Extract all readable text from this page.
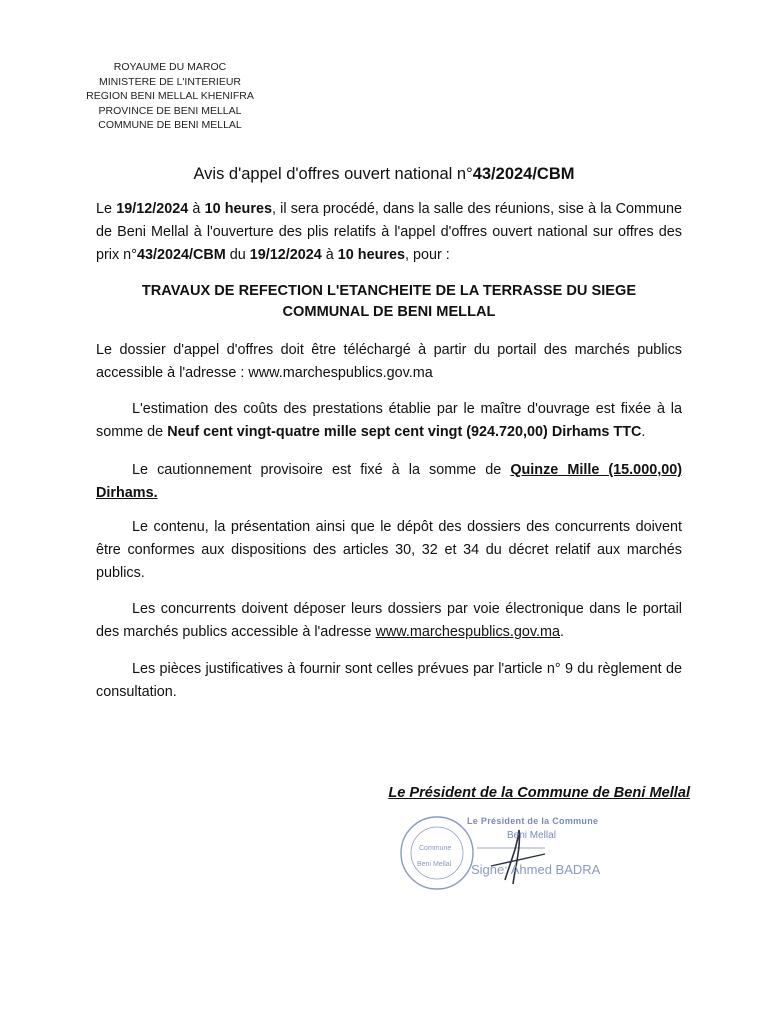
ROYAUME DU MAROC
MINISTERE DE L'INTERIEUR
REGION BENI MELLAL KHENIFRA
PROVINCE DE BENI MELLAL
COMMUNE DE BENI MELLAL
Avis d'appel d'offres ouvert national n°43/2024/CBM
Le 19/12/2024 à 10 heures, il sera procédé, dans la salle des réunions, sise à la Commune de Beni Mellal à l'ouverture des plis relatifs à l'appel d'offres ouvert national sur offres des prix n°43/2024/CBM du 19/12/2024 à 10 heures, pour :
TRAVAUX DE REFECTION L'ETANCHEITE DE LA TERRASSE DU SIEGE
COMMUNAL DE BENI MELLAL
Le dossier d'appel d'offres doit être téléchargé à partir du portail des marchés publics accessible à l'adresse : www.marchespublics.gov.ma
L'estimation des coûts des prestations établie par le maître d'ouvrage est fixée à la somme de Neuf cent vingt-quatre mille sept cent vingt (924.720,00) Dirhams TTC.
Le cautionnement provisoire est fixé à la somme de Quinze Mille (15.000,00) Dirhams.
Le contenu, la présentation ainsi que le dépôt des dossiers des concurrents doivent être conformes aux dispositions des articles 30, 32 et 34 du décret relatif aux marchés publics.
Les concurrents doivent déposer leurs dossiers par voie électronique dans le portail des marchés publics accessible à l'adresse www.marchespublics.gov.ma.
Les pièces justificatives à fournir sont celles prévues par l'article n° 9 du règlement de consultation.
Le Président de la Commune de Beni Mellal
Commune
Beni Mellal
Le Président de la Commune
Beni Mellal
Signe: Ahmed BADRA
